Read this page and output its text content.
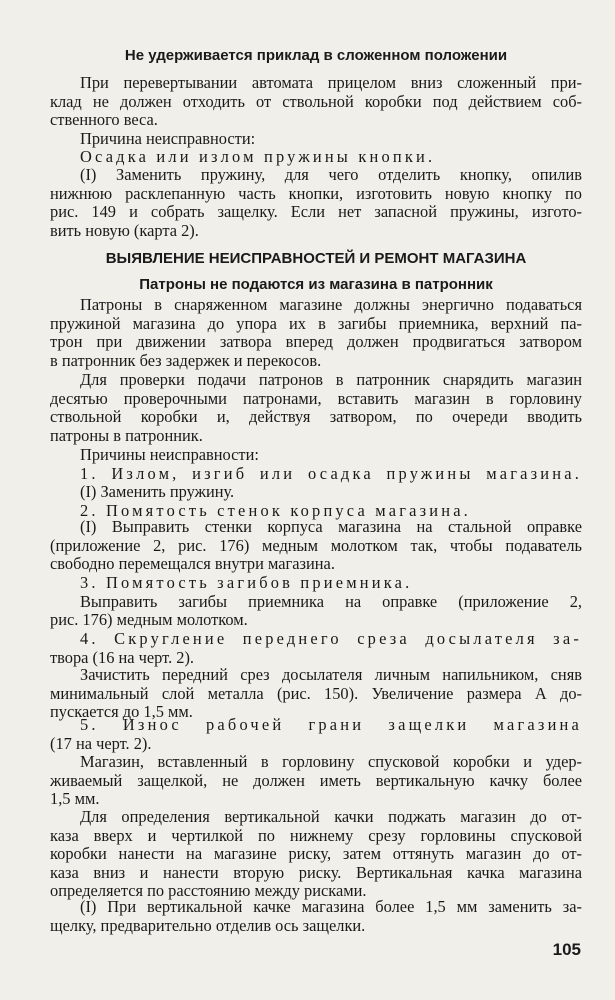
Не удерживается приклад в сложенном положении
При перевертывании автомата прицелом вниз сложенный при-
клад не должен отходить от ствольной коробки под действием соб-
ственного веса.
Причина неисправности:
Осадка или излом пружины кнопки.
(I) Заменить пружину, для чего отделить кнопку, опилив
нижнюю расклепанную часть кнопки, изготовить новую кнопку по
рис. 149 и собрать защелку. Если нет запасной пружины, изгото-
вить новую (карта 2).
ВЫЯВЛЕНИЕ НЕИСПРАВНОСТЕЙ И РЕМОНТ МАГАЗИНА
Патроны не подаются из магазина в патронник
Патроны в снаряженном магазине должны энергично подаваться
пружиной магазина до упора их в загибы приемника, верхний па-
трон при движении затвора вперед должен продвигаться затвором
в патронник без задержек и перекосов.
Для проверки подачи патронов в патронник снарядить магазин
десятью проверочными патронами, вставить магазин в горловину
ствольной коробки и, действуя затвором, по очереди вводить
патроны в патронник.
Причины неисправности:
1. Излом, изгиб или осадка пружины магазина.
(I) Заменить пружину.
2. Помятость стенок корпуса магазина.
(I) Выправить стенки корпуса магазина на стальной оправке
(приложение 2, рис. 176) медным молотком так, чтобы подаватель
свободно перемещался внутри магазина.
3. Помятость загибов приемника.
Выправить загибы приемника на оправке (приложение 2,
рис. 176) медным молотком.
4. Скругление переднего среза досылателя за-
твора (16 на черт. 2).
Зачистить передний срез досылателя личным напильником, сняв
минимальный слой металла (рис. 150). Увеличение размера А до-
пускается до 1,5 мм.
5. Износ рабочей грани защелки магазина
(17 на черт. 2).
Магазин, вставленный в горловину спусковой коробки и удер-
живаемый защелкой, не должен иметь вертикальную качку более
1,5 мм.
Для определения вертикальной качки поджать магазин до от-
каза вверх и чертилкой по нижнему срезу горловины спусковой
коробки нанести на магазине риску, затем оттянуть магазин до от-
каза вниз и нанести вторую риску. Вертикальная качка магазина
определяется по расстоянию между рисками.
(I) При вертикальной качке магазина более 1,5 мм заменить за-
щелку, предварительно отделив ось защелки.
105
